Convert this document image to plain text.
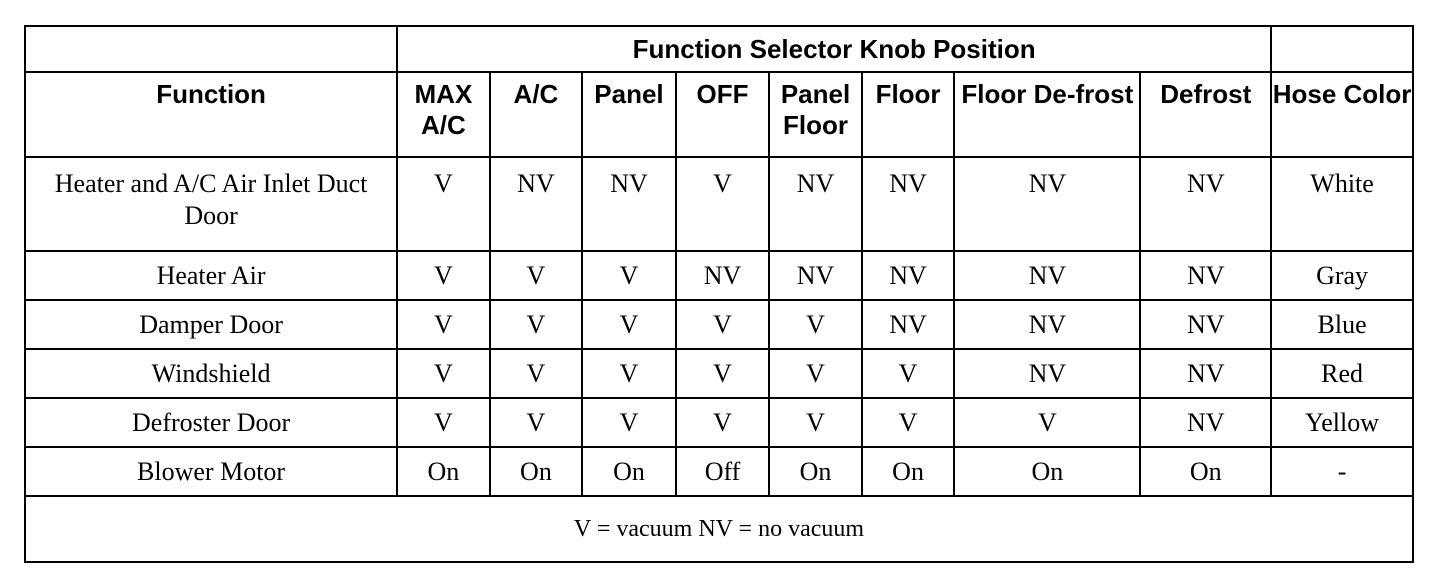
	Function Selector Knob Position								
Function	MAX A/C	A/C	Panel	OFF	Panel Floor	Floor	Floor De-frost	Defrost	Hose Color
Heater and A/C Air Inlet Duct Door	V	NV	NV	V	NV	NV	NV	NV	White
Heater Air	V	V	V	NV	NV	NV	NV	NV	Gray
Damper Door	V	V	V	V	V	NV	NV	NV	Blue
Windshield	V	V	V	V	V	V	NV	NV	Red
Defroster Door	V	V	V	V	V	V	V	NV	Yellow
Blower Motor	On	On	On	Off	On	On	On	On	-
V = vacuum NV = no vacuum									
